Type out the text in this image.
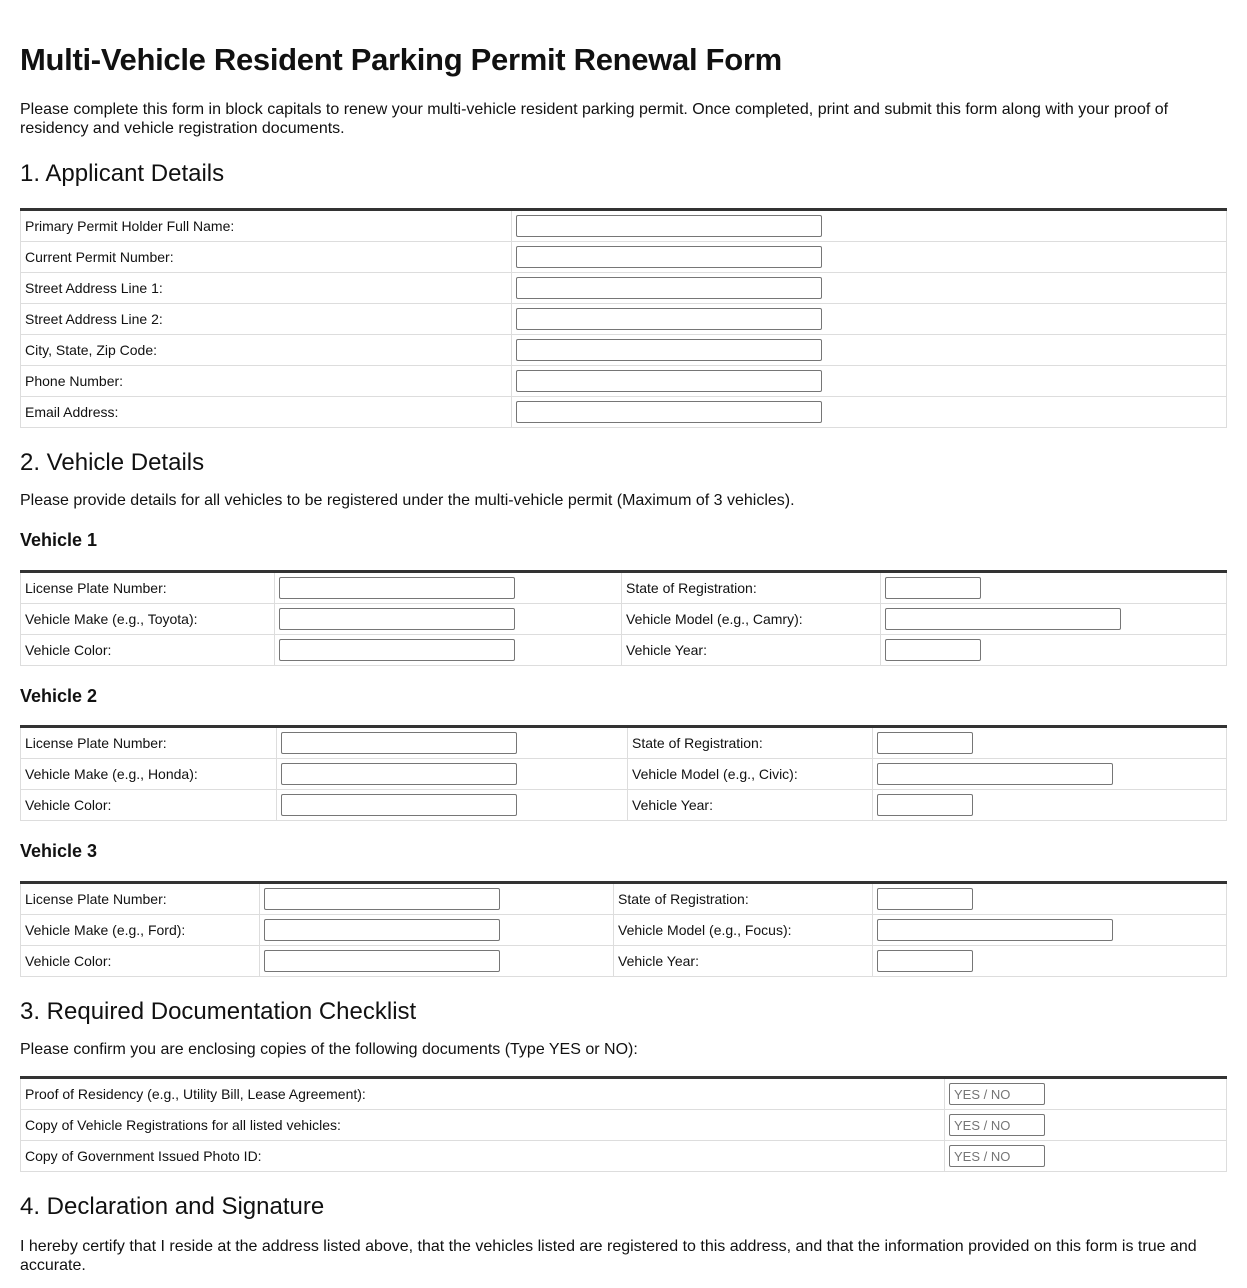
Multi-Vehicle Resident Parking Permit Renewal Form

Please complete this form in block capitals to renew your multi-vehicle resident parking permit. Once completed, print and submit this form along with your proof of residency and vehicle registration documents.

1. Applicant Details
Primary Permit Holder Full Name:	

Current Permit Number:	

Street Address Line 1:	

Street Address Line 2:	

City, State, Zip Code:	

Phone Number:	

Email Address:	
2. Vehicle Details

Please provide details for all vehicles to be registered under the multi-vehicle permit (Maximum of 3 vehicles).

Vehicle 1
License Plate Number:		State of Registration:	

Vehicle Make (e.g., Toyota):		Vehicle Model (e.g., Camry):	

Vehicle Color:		Vehicle Year:	
Vehicle 2
License Plate Number:		State of Registration:	

Vehicle Make (e.g., Honda):		Vehicle Model (e.g., Civic):	

Vehicle Color:		Vehicle Year:	
Vehicle 3
License Plate Number:		State of Registration:	

Vehicle Make (e.g., Ford):		Vehicle Model (e.g., Focus):	

Vehicle Color:		Vehicle Year:	
3. Required Documentation Checklist

Please confirm you are enclosing copies of the following documents (Type YES or NO):

Proof of Residency (e.g., Utility Bill, Lease Agreement):	
YES / NO
Copy of Vehicle Registrations for all listed vehicles:	
YES / NO
Copy of Government Issued Photo ID:	
YES / NO
4. Declaration and Signature

I hereby certify that I reside at the address listed above, that the vehicles listed are registered to this address, and that the information provided on this form is true and accurate.
